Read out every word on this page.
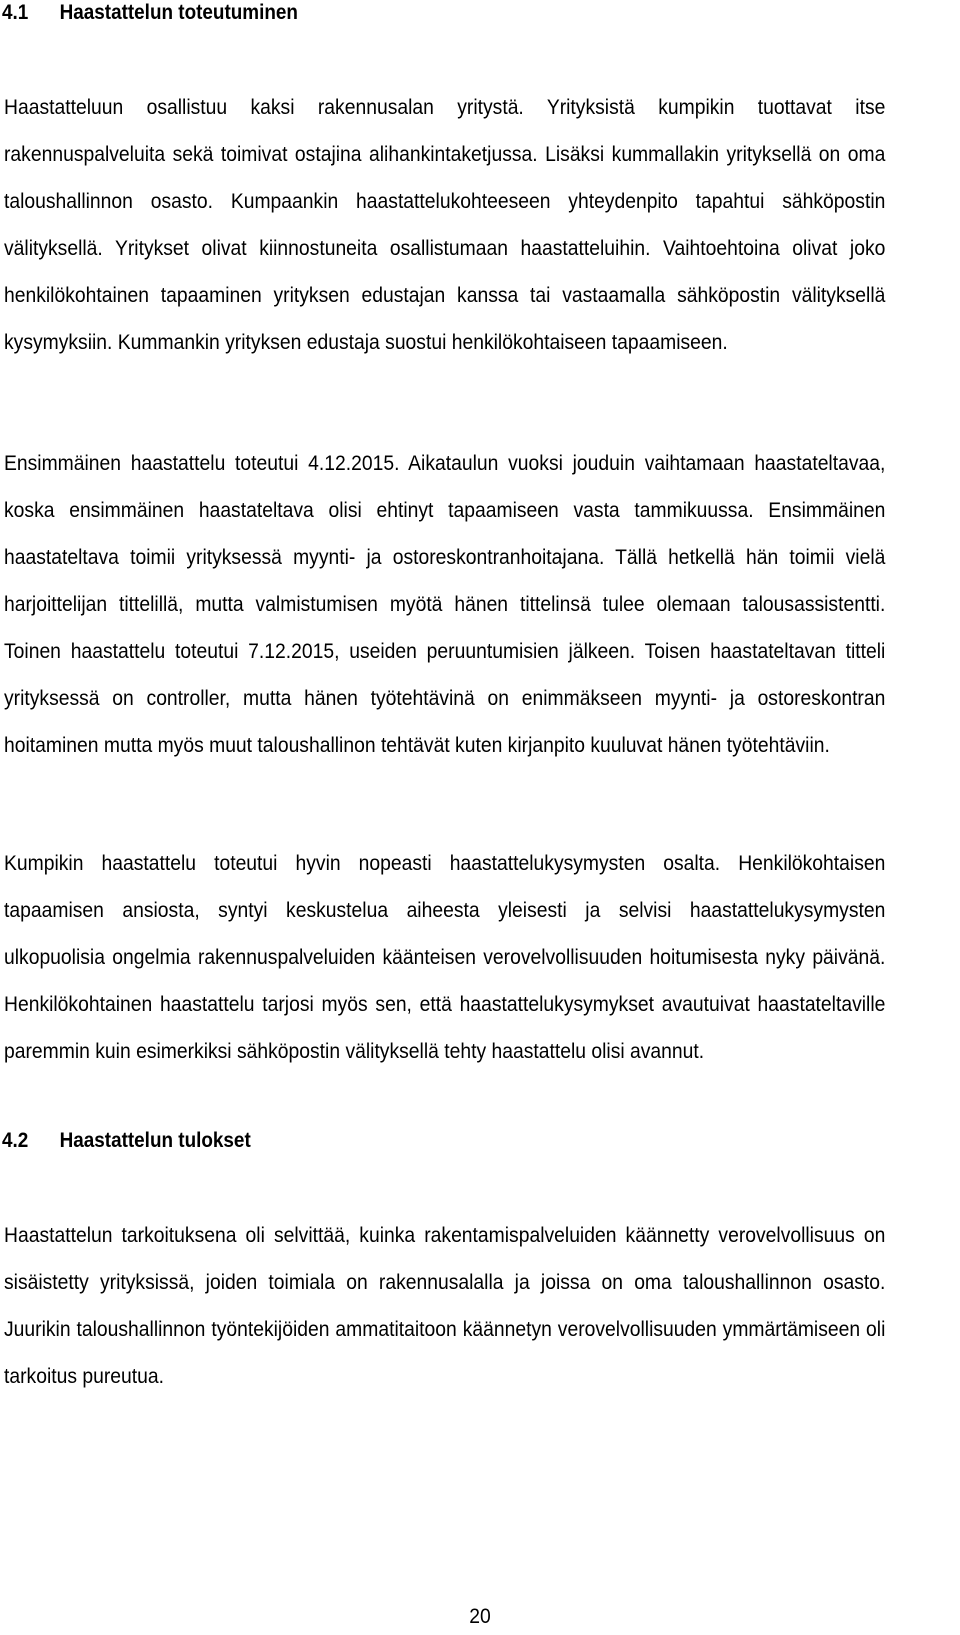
4.1 Haastattelun toteutuminen
Haastatteluun osallistuu kaksi rakennusalan yritystä. Yrityksistä kumpikin tuottavat itse rakennuspalveluita sekä toimivat ostajina alihankintaketjussa. Lisäksi kummallakin yrityksellä on oma taloushallinnon osasto. Kumpaankin haastattelukohteeseen yhteydenpito tapahtui sähköpostin välityksellä. Yritykset olivat kiinnostuneita osallistumaan haastatteluihin. Vaihtoehtoina olivat joko henkilökohtainen tapaaminen yrityksen edustajan kanssa tai vastaamalla sähköpostin välityksellä kysymyksiin. Kummankin yrityksen edustaja suostui henkilökohtaiseen tapaamiseen.
Ensimmäinen haastattelu toteutui 4.12.2015. Aikataulun vuoksi jouduin vaihtamaan haastateltavaa, koska ensimmäinen haastateltava olisi ehtinyt tapaamiseen vasta tammikuussa. Ensimmäinen haastateltava toimii yrityksessä myynti- ja ostoreskontranhoitajana. Tällä hetkellä hän toimii vielä harjoittelijan tittelillä, mutta valmistumisen myötä hänen tittelinsä tulee olemaan talousassistentti. Toinen haastattelu toteutui 7.12.2015, useiden peruuntumisien jälkeen. Toisen haastateltavan titteli yrityksessä on controller, mutta hänen työtehtävinä on enimmäkseen myynti- ja ostoreskontran hoitaminen mutta myös muut taloushallinon tehtävät kuten kirjanpito kuuluvat hänen työtehtäviin.
Kumpikin haastattelu toteutui hyvin nopeasti haastattelukysymysten osalta. Henkilökohtaisen tapaamisen ansiosta, syntyi keskustelua aiheesta yleisesti ja selvisi haastattelukysymysten ulkopuolisia ongelmia rakennuspalveluiden käänteisen verovelvollisuuden hoitumisesta nyky päivänä. Henkilökohtainen haastattelu tarjosi myös sen, että haastattelukysymykset avautuivat haastateltaville paremmin kuin esimerkiksi sähköpostin välityksellä tehty haastattelu olisi avannut.
4.2 Haastattelun tulokset
Haastattelun tarkoituksena oli selvittää, kuinka rakentamispalveluiden käännetty verovelvollisuus on sisäistetty yrityksissä, joiden toimiala on rakennusalalla ja joissa on oma taloushallinnon osasto. Juurikin taloushallinnon työntekijöiden ammatitaitoon käännetyn verovelvollisuuden ymmärtämiseen oli tarkoitus pureutua.
20
